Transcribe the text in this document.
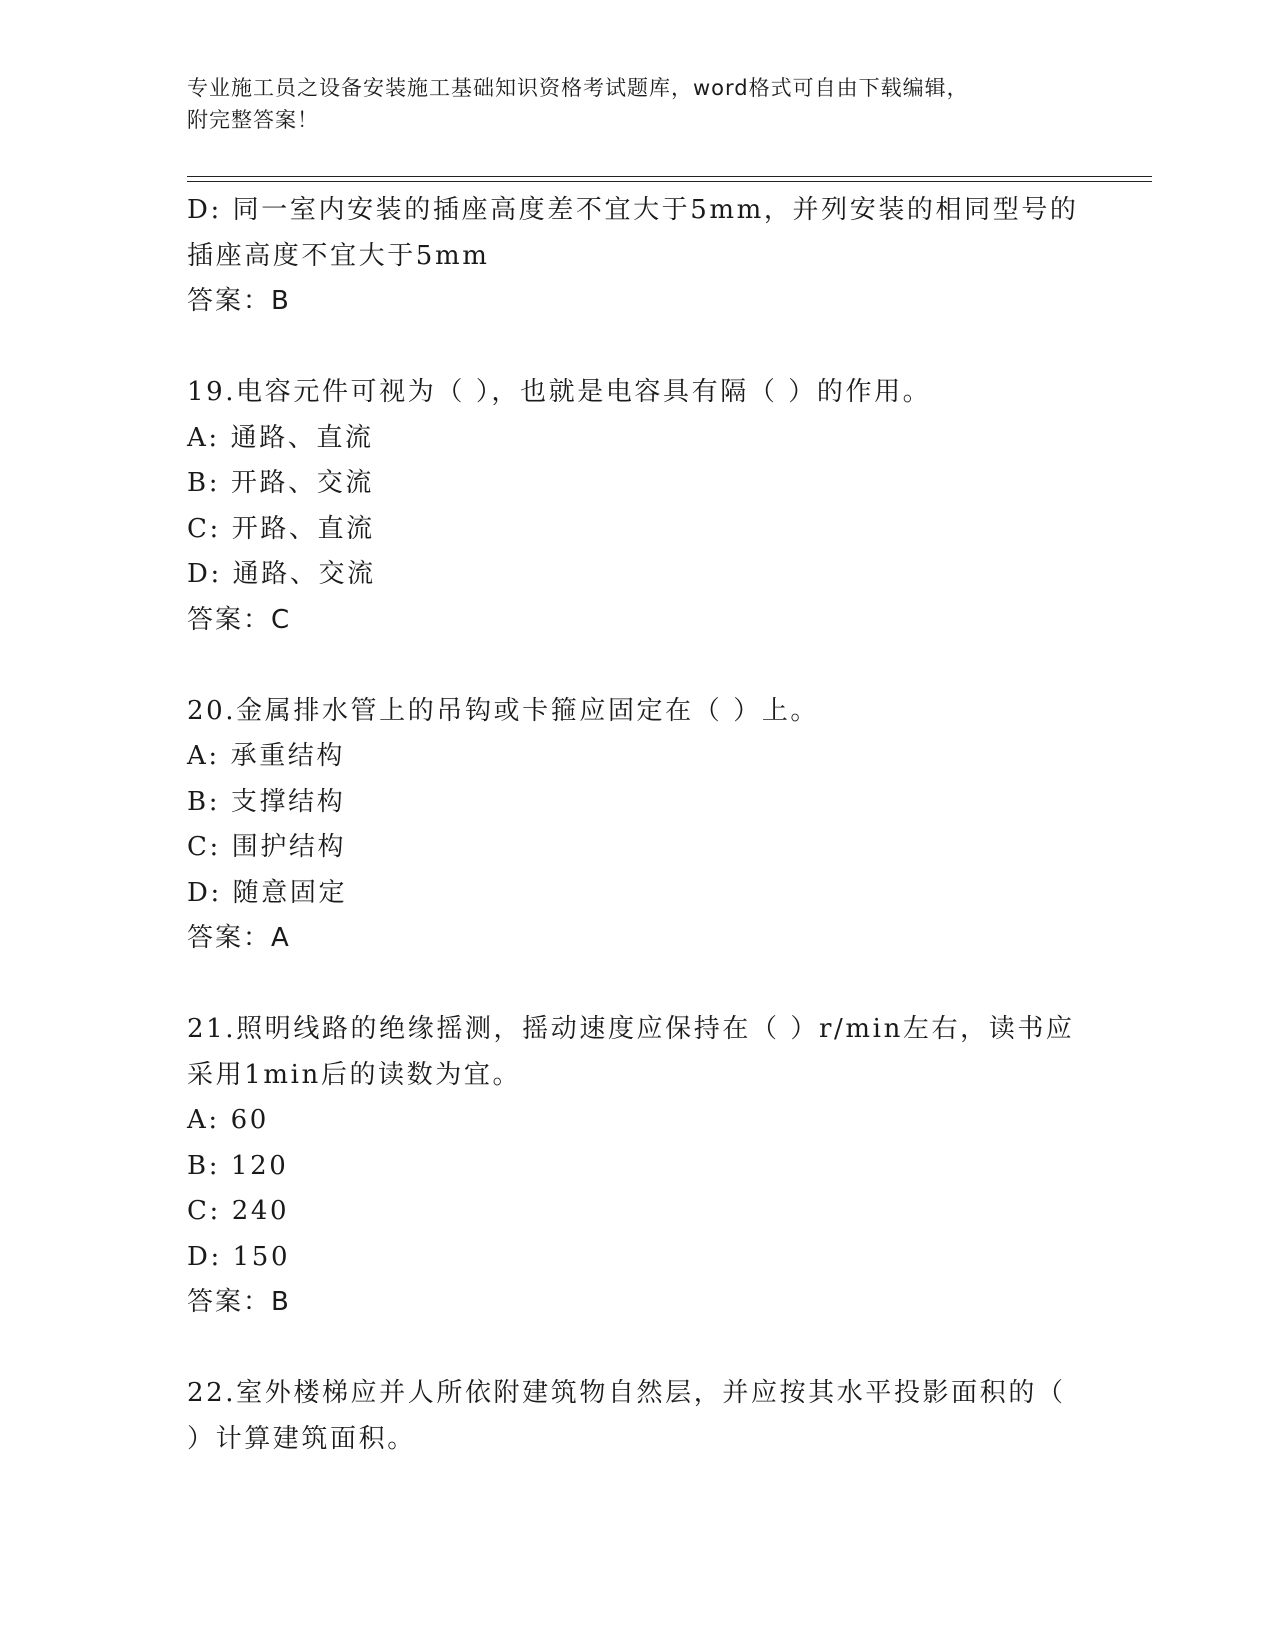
专业施工员之设备安装施工基础知识资格考试题库，word格式可自由下载编辑，
附完整答案！
D: 同一室内安装的插座高度差不宜大于5mm，并列安装的相同型号的
插座高度不宜大于5mm
答案：B
19.电容元件可视为（ ），也就是电容具有隔（ ）的作用。
A: 通路、直流
B: 开路、交流
C: 开路、直流
D: 通路、交流
答案：C
20.金属排水管上的吊钩或卡箍应固定在（ ）上。
A: 承重结构
B: 支撑结构
C: 围护结构
D: 随意固定
答案：A
21.照明线路的绝缘摇测，摇动速度应保持在（ ）r/min左右，读书应
采用1min后的读数为宜。
A: 60
B: 120
C: 240
D: 150
答案：B
22.室外楼梯应并人所依附建筑物自然层，并应按其水平投影面积的（
）计算建筑面积。
